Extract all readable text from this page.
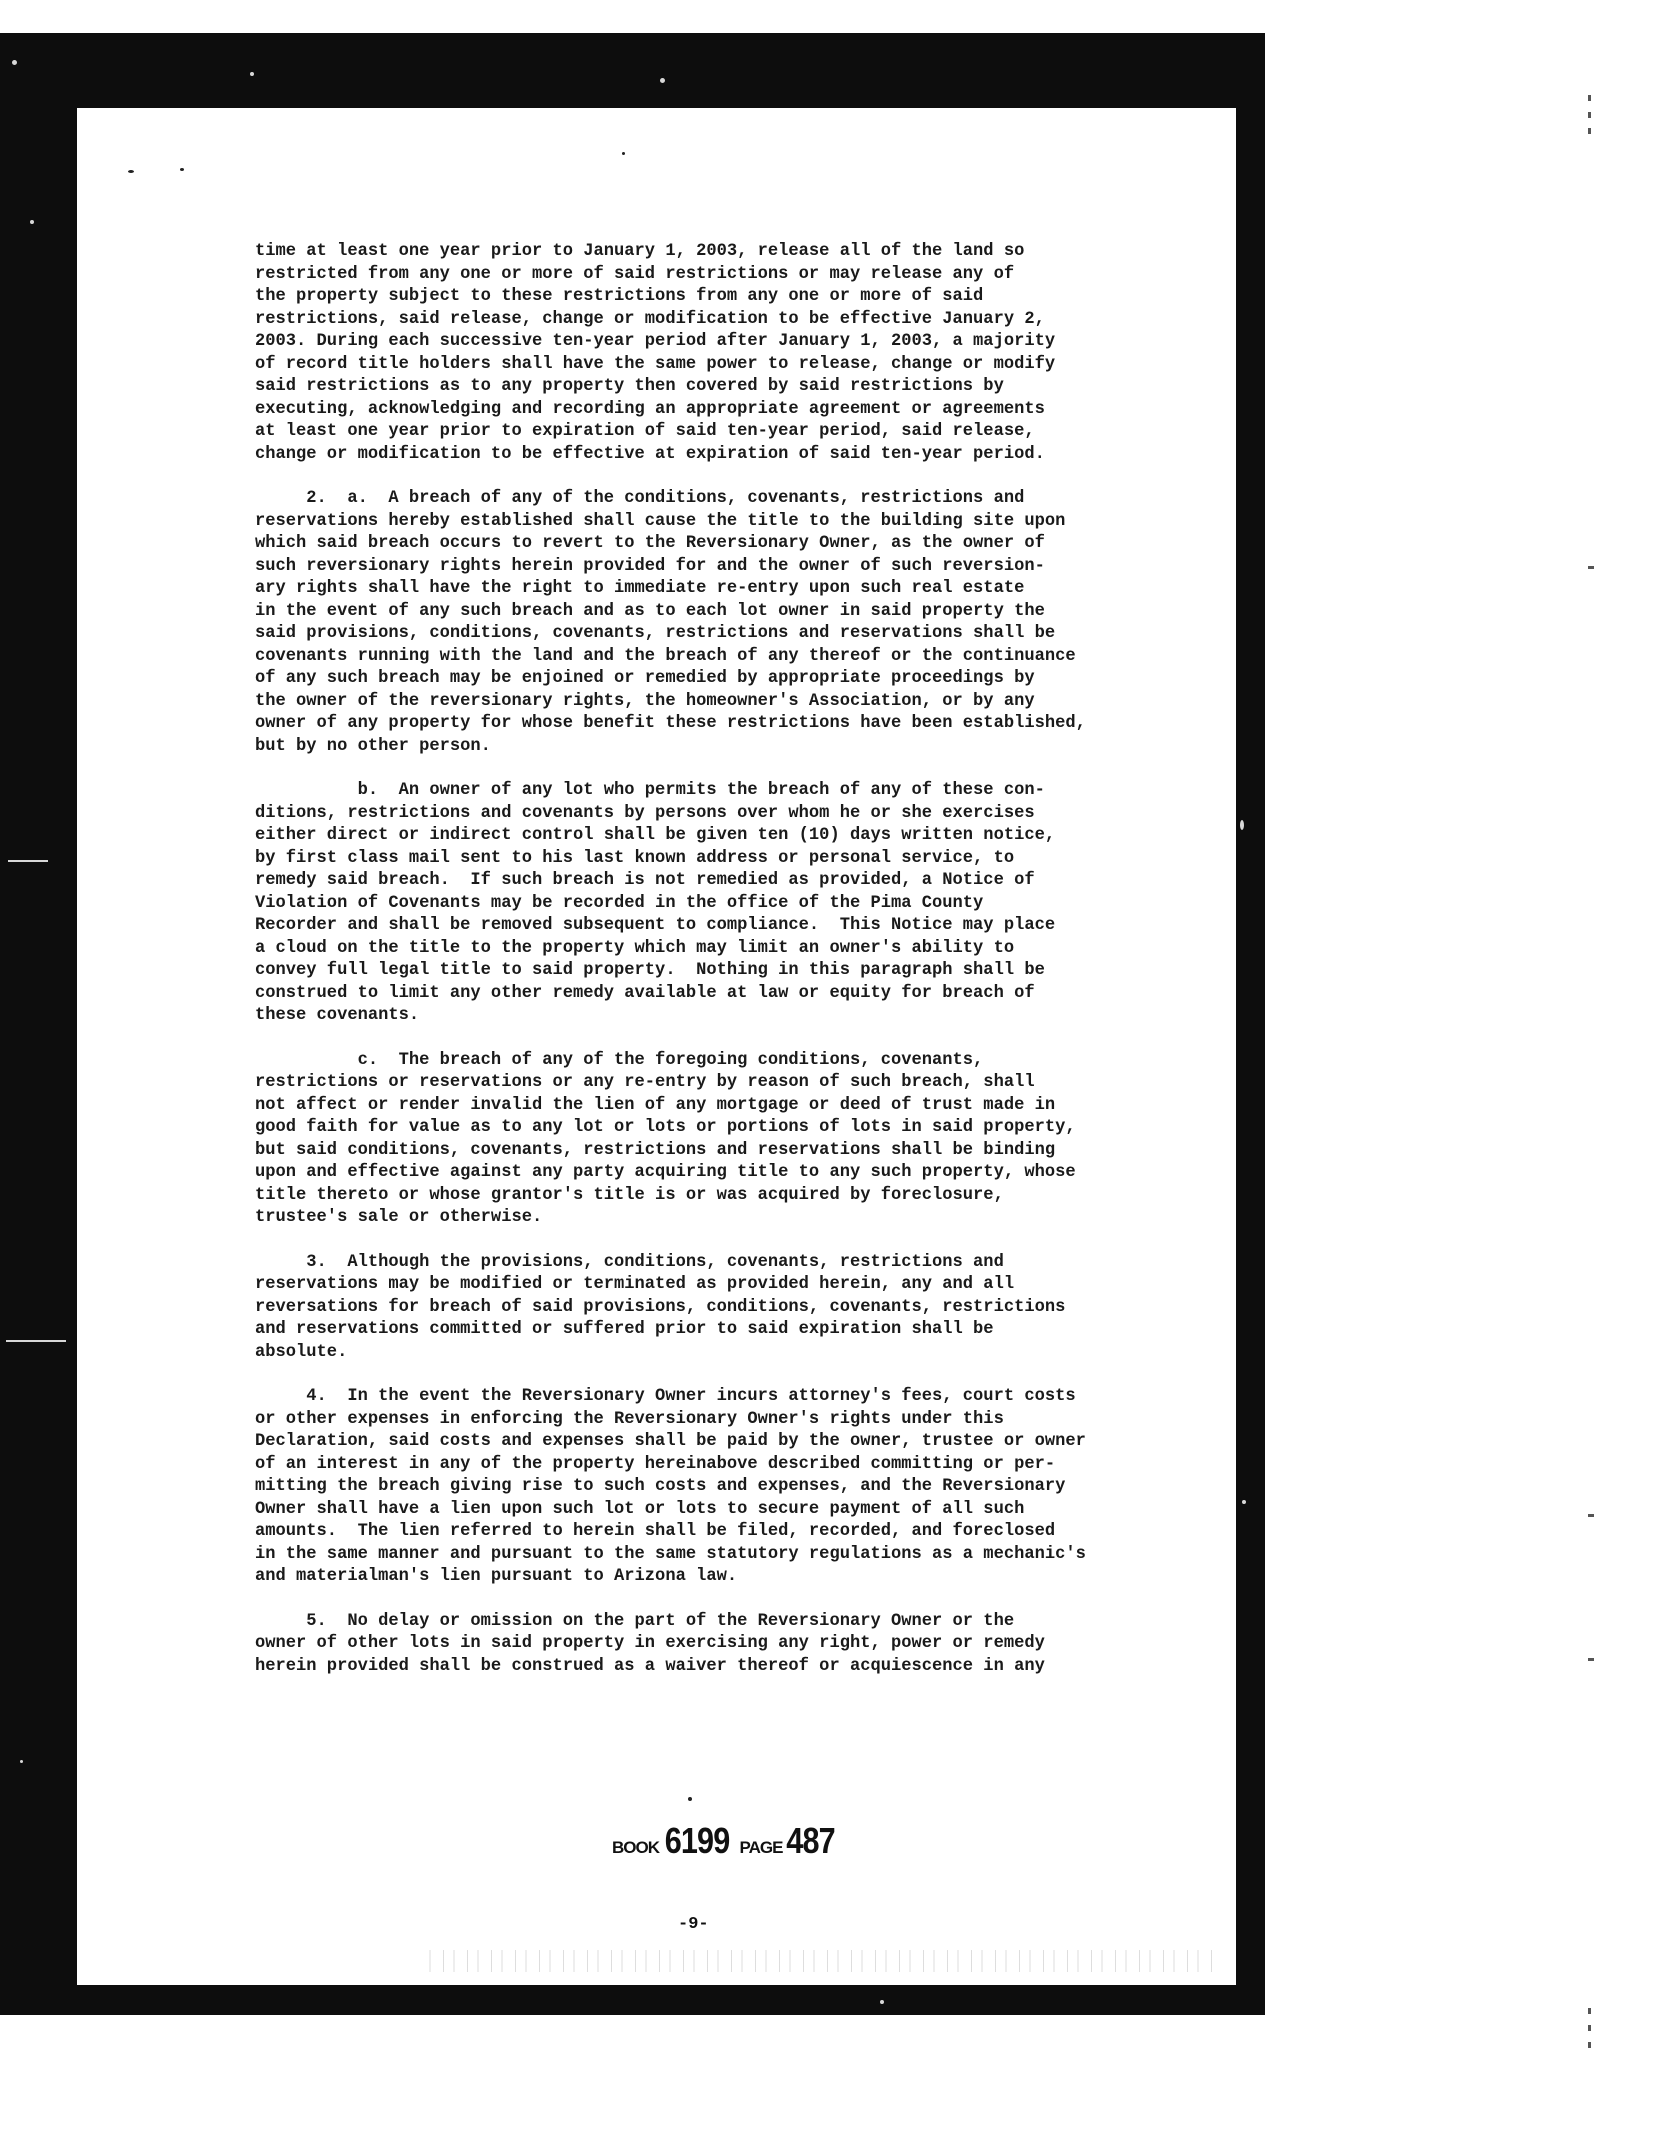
time at least one year prior to January 1, 2003, release all of the land so
restricted from any one or more of said restrictions or may release any of
the property subject to these restrictions from any one or more of said
restrictions, said release, change or modification to be effective January 2,
2003. During each successive ten-year period after January 1, 2003, a majority
of record title holders shall have the same power to release, change or modify
said restrictions as to any property then covered by said restrictions by
executing, acknowledging and recording an appropriate agreement or agreements
at least one year prior to expiration of said ten-year period, said release,
change or modification to be effective at expiration of said ten-year period.
2.  a.  A breach of any of the conditions, covenants, restrictions and
reservations hereby established shall cause the title to the building site upon
which said breach occurs to revert to the Reversionary Owner, as the owner of
such reversionary rights herein provided for and the owner of such reversion-
ary rights shall have the right to immediate re-entry upon such real estate
in the event of any such breach and as to each lot owner in said property the
said provisions, conditions, covenants, restrictions and reservations shall be
covenants running with the land and the breach of any thereof or the continuance
of any such breach may be enjoined or remedied by appropriate proceedings by
the owner of the reversionary rights, the homeowner's Association, or by any
owner of any property for whose benefit these restrictions have been established,
but by no other person.
b.  An owner of any lot who permits the breach of any of these con-
ditions, restrictions and covenants by persons over whom he or she exercises
either direct or indirect control shall be given ten (10) days written notice,
by first class mail sent to his last known address or personal service, to
remedy said breach.  If such breach is not remedied as provided, a Notice of
Violation of Covenants may be recorded in the office of the Pima County
Recorder and shall be removed subsequent to compliance.  This Notice may place
a cloud on the title to the property which may limit an owner's ability to
convey full legal title to said property.  Nothing in this paragraph shall be
construed to limit any other remedy available at law or equity for breach of
these covenants.
c.  The breach of any of the foregoing conditions, covenants,
restrictions or reservations or any re-entry by reason of such breach, shall
not affect or render invalid the lien of any mortgage or deed of trust made in
good faith for value as to any lot or lots or portions of lots in said property,
but said conditions, covenants, restrictions and reservations shall be binding
upon and effective against any party acquiring title to any such property, whose
title thereto or whose grantor's title is or was acquired by foreclosure,
trustee's sale or otherwise.
3.  Although the provisions, conditions, covenants, restrictions and
reservations may be modified or terminated as provided herein, any and all
reversations for breach of said provisions, conditions, covenants, restrictions
and reservations committed or suffered prior to said expiration shall be
absolute.
4.  In the event the Reversionary Owner incurs attorney's fees, court costs
or other expenses in enforcing the Reversionary Owner's rights under this
Declaration, said costs and expenses shall be paid by the owner, trustee or owner
of an interest in any of the property hereinabove described committing or per-
mitting the breach giving rise to such costs and expenses, and the Reversionary
Owner shall have a lien upon such lot or lots to secure payment of all such
amounts.  The lien referred to herein shall be filed, recorded, and foreclosed
in the same manner and pursuant to the same statutory regulations as a mechanic's
and materialman's lien pursuant to Arizona law.
5.  No delay or omission on the part of the Reversionary Owner or the
owner of other lots in said property in exercising any right, power or remedy
herein provided shall be construed as a waiver thereof or acquiescence in any
BOOK 6199 PAGE 487
-9-
